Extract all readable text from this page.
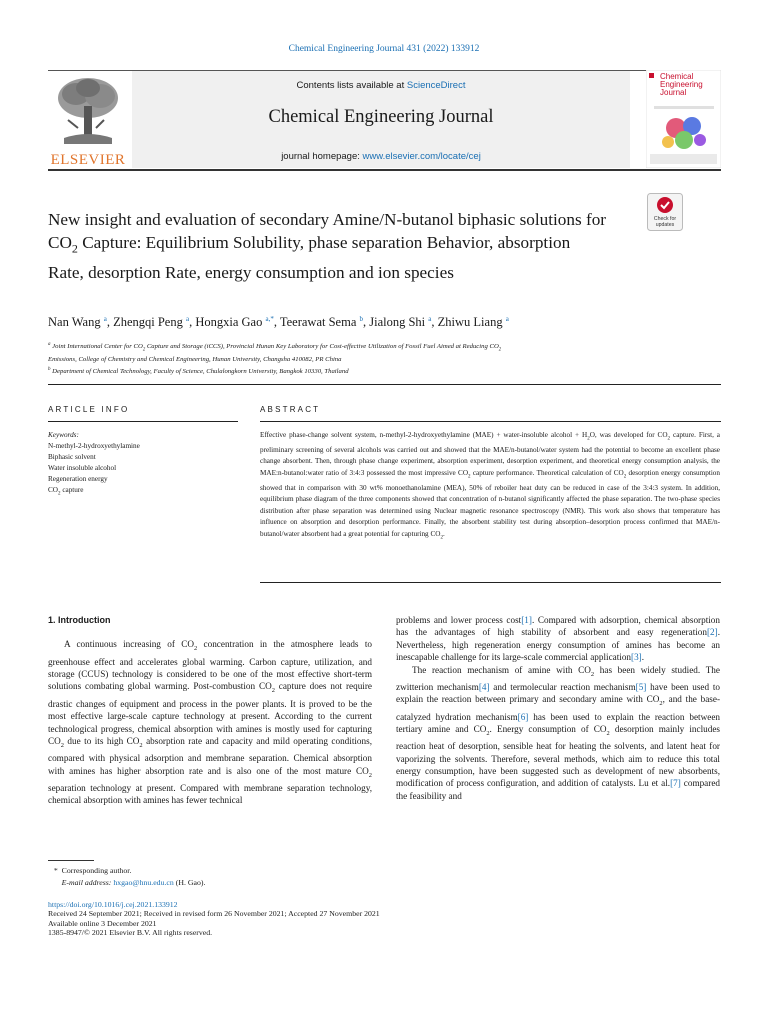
Chemical Engineering Journal 431 (2022) 133912
ELSEVIER
Contents lists available at ScienceDirect
Chemical Engineering Journal
journal homepage: www.elsevier.com/locate/cej
Chemical
Engineering
Journal
Check for
updates
New insight and evaluation of secondary Amine/N-butanol biphasic solutions for $CO_2$ Capture: Equilibrium Solubility, phase separation Behavior, absorption Rate, desorption Rate, energy consumption and ion species
Nan Wang $^a$, Zhengqi Peng $^a$, Hongxia Gao $^{a,*}$, Teerawat Sema $^b$, Jialong Shi $^a$, Zhiwu Liang $^a$
$^a$ Joint International Center for $CO_2$ Capture and Storage (iCCS), Provincial Hunan Key Laboratory for Cost-effective Utilization of Fossil Fuel Aimed at Reducing $CO_2$
Emissions, College of Chemistry and Chemical Engineering, Hunan University, Changsha 410082, PR China
$^b$ Department of Chemical Technology, Faculty of Science, Chulalongkorn University, Bangkok 10330, Thailand
ARTICLE INFO	ABSTRACT
Keywords:
N-methyl-2-hydroxyethylamine
Biphasic solvent
Water insoluble alcohol
Regeneration energy
$CO_2$ capture
Effective phase-change solvent system, n-methyl-2-hydroxyethylamine (MAE) + water-insoluble alcohol + $H_2O$, was developed for $CO_2$ capture. First, a preliminary screening of several alcohols was carried out and showed that the MAE/n-butanol/water system had the potential to become an excellent phase change absorbent. Then, through phase change experiment, absorption experiment, desorption experiment, and theoretical energy consumption analysis, the MAE:n-butanol:water ratio of 3:4:3 possessed the most impressive $CO_2$ capture performance. Theoretical calculation of $CO_2$ desorption energy consumption showed that in comparison with 30 wt% monoethanolamine (MEA), 50% of reboiler heat duty can be reduced in case of the 3:4:3 system. In addition, equilibrium phase diagram of the three components showed that concentration of n-butanol significantly affected the phase separation. The two-phase species distribution after phase separation was determined using Nuclear magnetic resonance spectroscopy (NMR). This work also shows that temperature has influence on absorption and desorption performance. Finally, the absorbent stability test during absorption–desorption process confirmed that MAE/n-butanol/water absorbent had a great potential for capturing $CO_2$.

1. Introduction

A continuous increasing of $CO_2$ concentration in the atmosphere leads to greenhouse effect and accelerates global warming. Carbon capture, utilization, and storage (CCUS) technology is considered to be one of the most effective short-term solutions combating global warming. Post-combustion $CO_2$ capture does not require drastic changes of equipment and process in the power plants. It is proved to be the most effective large-scale capture technology at present. According to the current technological progress, chemical absorption with amines is mostly used for capturing $CO_2$ due to its high $CO_2$ absorption rate and capacity and mild operating conditions, compared with physical adsorption and membrane separation. Chemical absorption with amines has higher absorption rate and is also one of the most mature $CO_2$ separation technology at present. Compared with membrane separation technology, chemical absorption with amines has fewer technical

problems and lower process cost[1]. Compared with adsorption, chemical absorption has the advantages of high stability of absorbent and easy regeneration[2]. Nevertheless, high regeneration energy consumption of amines has become an inescapable challenge for its large-scale commercial application[3].

The reaction mechanism of amine with $CO_2$ has been widely studied. The zwitterion mechanism[4] and termolecular reaction mechanism[5] have been used to explain the reaction between primary and secondary amine with $CO_2$, and the base-catalyzed hydration mechanism[6] has been used to explain the reaction between tertiary amine and $CO_2$. Energy consumption of $CO_2$ desorption mainly includes reaction heat of desorption, sensible heat for heating the solvents, and latent heat for vaporizing the solvents. Therefore, several methods, which aim to reduce this total energy consumption, have been suggested such as development of new absorbents, modification of process configuration, and addition of catalysts. Lu et al.[7] compared the feasibility and

* Corresponding author.
E-mail address: hxgao@hnu.edu.cn (H. Gao).
https://doi.org/10.1016/j.cej.2021.133912
Received 24 September 2021; Received in revised form 26 November 2021; Accepted 27 November 2021
Available online 3 December 2021
1385-8947/© 2021 Elsevier B.V. All rights reserved.
